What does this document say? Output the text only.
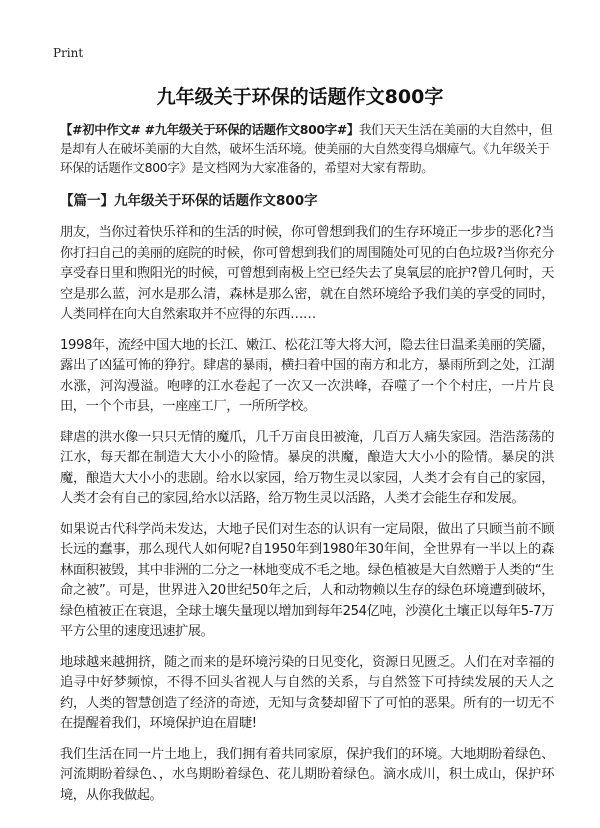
Print
九年级关于环保的话题作文800字

【#初中作文# #九年级关于环保的话题作文800字#】我们天天生活在美丽的大自然中，但是却有人在破坏美丽的大自然，破坏生活环境。使美丽的大自然变得乌烟瘴气。《九年级关于环保的话题作文800字》是文档网为大家准备的，希望对大家有帮助。

【篇一】九年级关于环保的话题作文800字

朋友，当你过着快乐祥和的生活的时候，你可曾想到我们的生存环境正一步步的恶化?当你打扫自己的美丽的庭院的时候，你可曾想到我们的周围随处可见的白色垃圾?当你充分享受春日里和煦阳光的时候，可曾想到南极上空已经失去了臭氧层的庇护?曾几何时，天空是那么蓝，河水是那么清，森林是那么密，就在自然环境给予我们美的享受的同时，人类同样在向大自然索取并不应得的东西……

1998年，流经中国大地的长江、嫩江、松花江等大将大河，隐去往日温柔美丽的笑靥，露出了凶猛可怖的狰狞。肆虐的暴雨，横扫着中国的南方和北方，暴雨所到之处，江湖水涨，河沟漫溢。咆哮的江水卷起了一次又一次洪峰，吞噬了一个个村庄，一片片良田，一个个市县，一座座工厂，一所所学校。

肆虐的洪水像一只只无情的魔爪，几千万亩良田被淹，几百万人痛失家园。浩浩荡荡的江水，每天都在制造大大小小的险情。暴戾的洪魔，酿造大大小小的险情。暴戾的洪魔，酿造大大小小的悲剧。给水以家园，给万物生灵以家园，人类才会有自己的家园，人类才会有自己的家园,给水以活路，给万物生灵以活路，人类才会能生存和发展。

如果说古代科学尚未发达，大地子民们对生态的认识有一定局限，做出了只顾当前不顾长远的蠢事，那么现代人如何呢?自1950年到1980年30年间，全世界有一半以上的森林面积被毁，其中非洲的二分之一林地变成不毛之地。绿色植被是大自然赠于人类的“生命之被”。可是，世界进入20世纪50年之后，人和动物赖以生存的绿色环境遭到破坏，绿色植被正在衰退，全球土壤失量现以增加到每年254亿吨，沙漠化土壤正以每年5-7万平方公里的速度迅速扩展。

地球越来越拥挤，随之而来的是环境污染的日见变化，资源日见匮乏。人们在对幸福的追寻中好梦频惊，不得不回头省视人与自然的关系，与自然签下可持续发展的天人之约，人类的智慧创造了经济的奇迹，无知与贪婪却留下了可怕的恶果。所有的一切无不在提醒着我们，环境保护迫在眉睫!

我们生活在同一片土地上，我们拥有着共同家原，保护我们的环境。大地期盼着绿色、河流期盼着绿色、，水鸟期盼着绿色、花儿期盼着绿色。滴水成川，积土成山，保护环境，从你我做起。
